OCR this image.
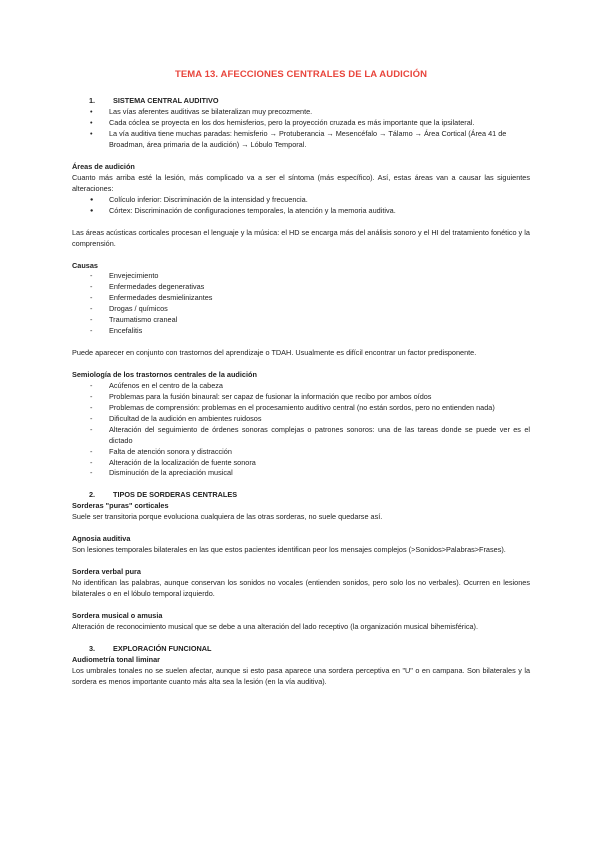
TEMA 13. AFECCIONES CENTRALES DE LA AUDICIÓN
1.	SISTEMA CENTRAL AUDITIVO
• Las vías aferentes auditivas se bilateralizan muy precozmente.
• Cada cóclea se proyecta en los dos hemisferios, pero la proyección cruzada es más importante que la ipsilateral.
• La vía auditiva tiene muchas paradas: hemisferio → Protuberancia → Mesencéfalo → Tálamo → Área Cortical (Área 41 de Broadman, área primaria de la audición) → Lóbulo Temporal.
Áreas de audición

Cuanto más arriba esté la lesión, más complicado va a ser el síntoma (más específico). Así, estas áreas van a causar las siguientes alteraciones:

● Colículo inferior: Discriminación de la intensidad y frecuencia.
● Córtex: Discriminación de configuraciones temporales, la atención y la memoria auditiva.

Las áreas acústicas corticales procesan el lenguaje y la música: el HD se encarga más del análisis sonoro y el HI del tratamiento fonético y la comprensión.

Causas
- Envejecimiento
- Enfermedades degenerativas
- Enfermedades desmielinizantes
- Drogas / químicos
- Traumatismo craneal
- Encefalitis

Puede aparecer en conjunto con trastornos del aprendizaje o TDAH. Usualmente es difícil encontrar un factor predisponente.

Semiología de los trastornos centrales de la audición
- Acúfenos en el centro de la cabeza
- Problemas para la fusión binaural: ser capaz de fusionar la información que recibo por ambos oídos
- Problemas de comprensión: problemas en el procesamiento auditivo central (no están sordos, pero no entienden nada)
- Dificultad de la audición en ambientes ruidosos
- Alteración del seguimiento de órdenes sonoras complejas o patrones sonoros: una de las tareas donde se puede ver es el dictado
- Falta de atención sonora y distracción
- Alteración de la localización de fuente sonora
- Disminución de la apreciación musical
2.	TIPOS DE SORDERAS CENTRALES
Sorderas "puras" corticales

Suele ser transitoria porque evoluciona cualquiera de las otras sorderas, no suele quedarse así.

Agnosia auditiva

Son lesiones temporales bilaterales en las que estos pacientes identifican peor los mensajes complejos (>Sonidos>Palabras>Frases).

Sordera verbal pura

No identifican las palabras, aunque conservan los sonidos no vocales (entienden sonidos, pero solo los no verbales). Ocurren en lesiones bilaterales o en el lóbulo temporal izquierdo.

Sordera musical o amusia

Alteración de reconocimiento musical que se debe a una alteración del lado receptivo (la organización musical bihemisférica).

3.	EXPLORACIÓN FUNCIONAL
Audiometría tonal liminar

Los umbrales tonales no se suelen afectar, aunque si esto pasa aparece una sordera perceptiva en "U" o en campana. Son bilaterales y la sordera es menos importante cuanto más alta sea la lesión (en la vía auditiva).
